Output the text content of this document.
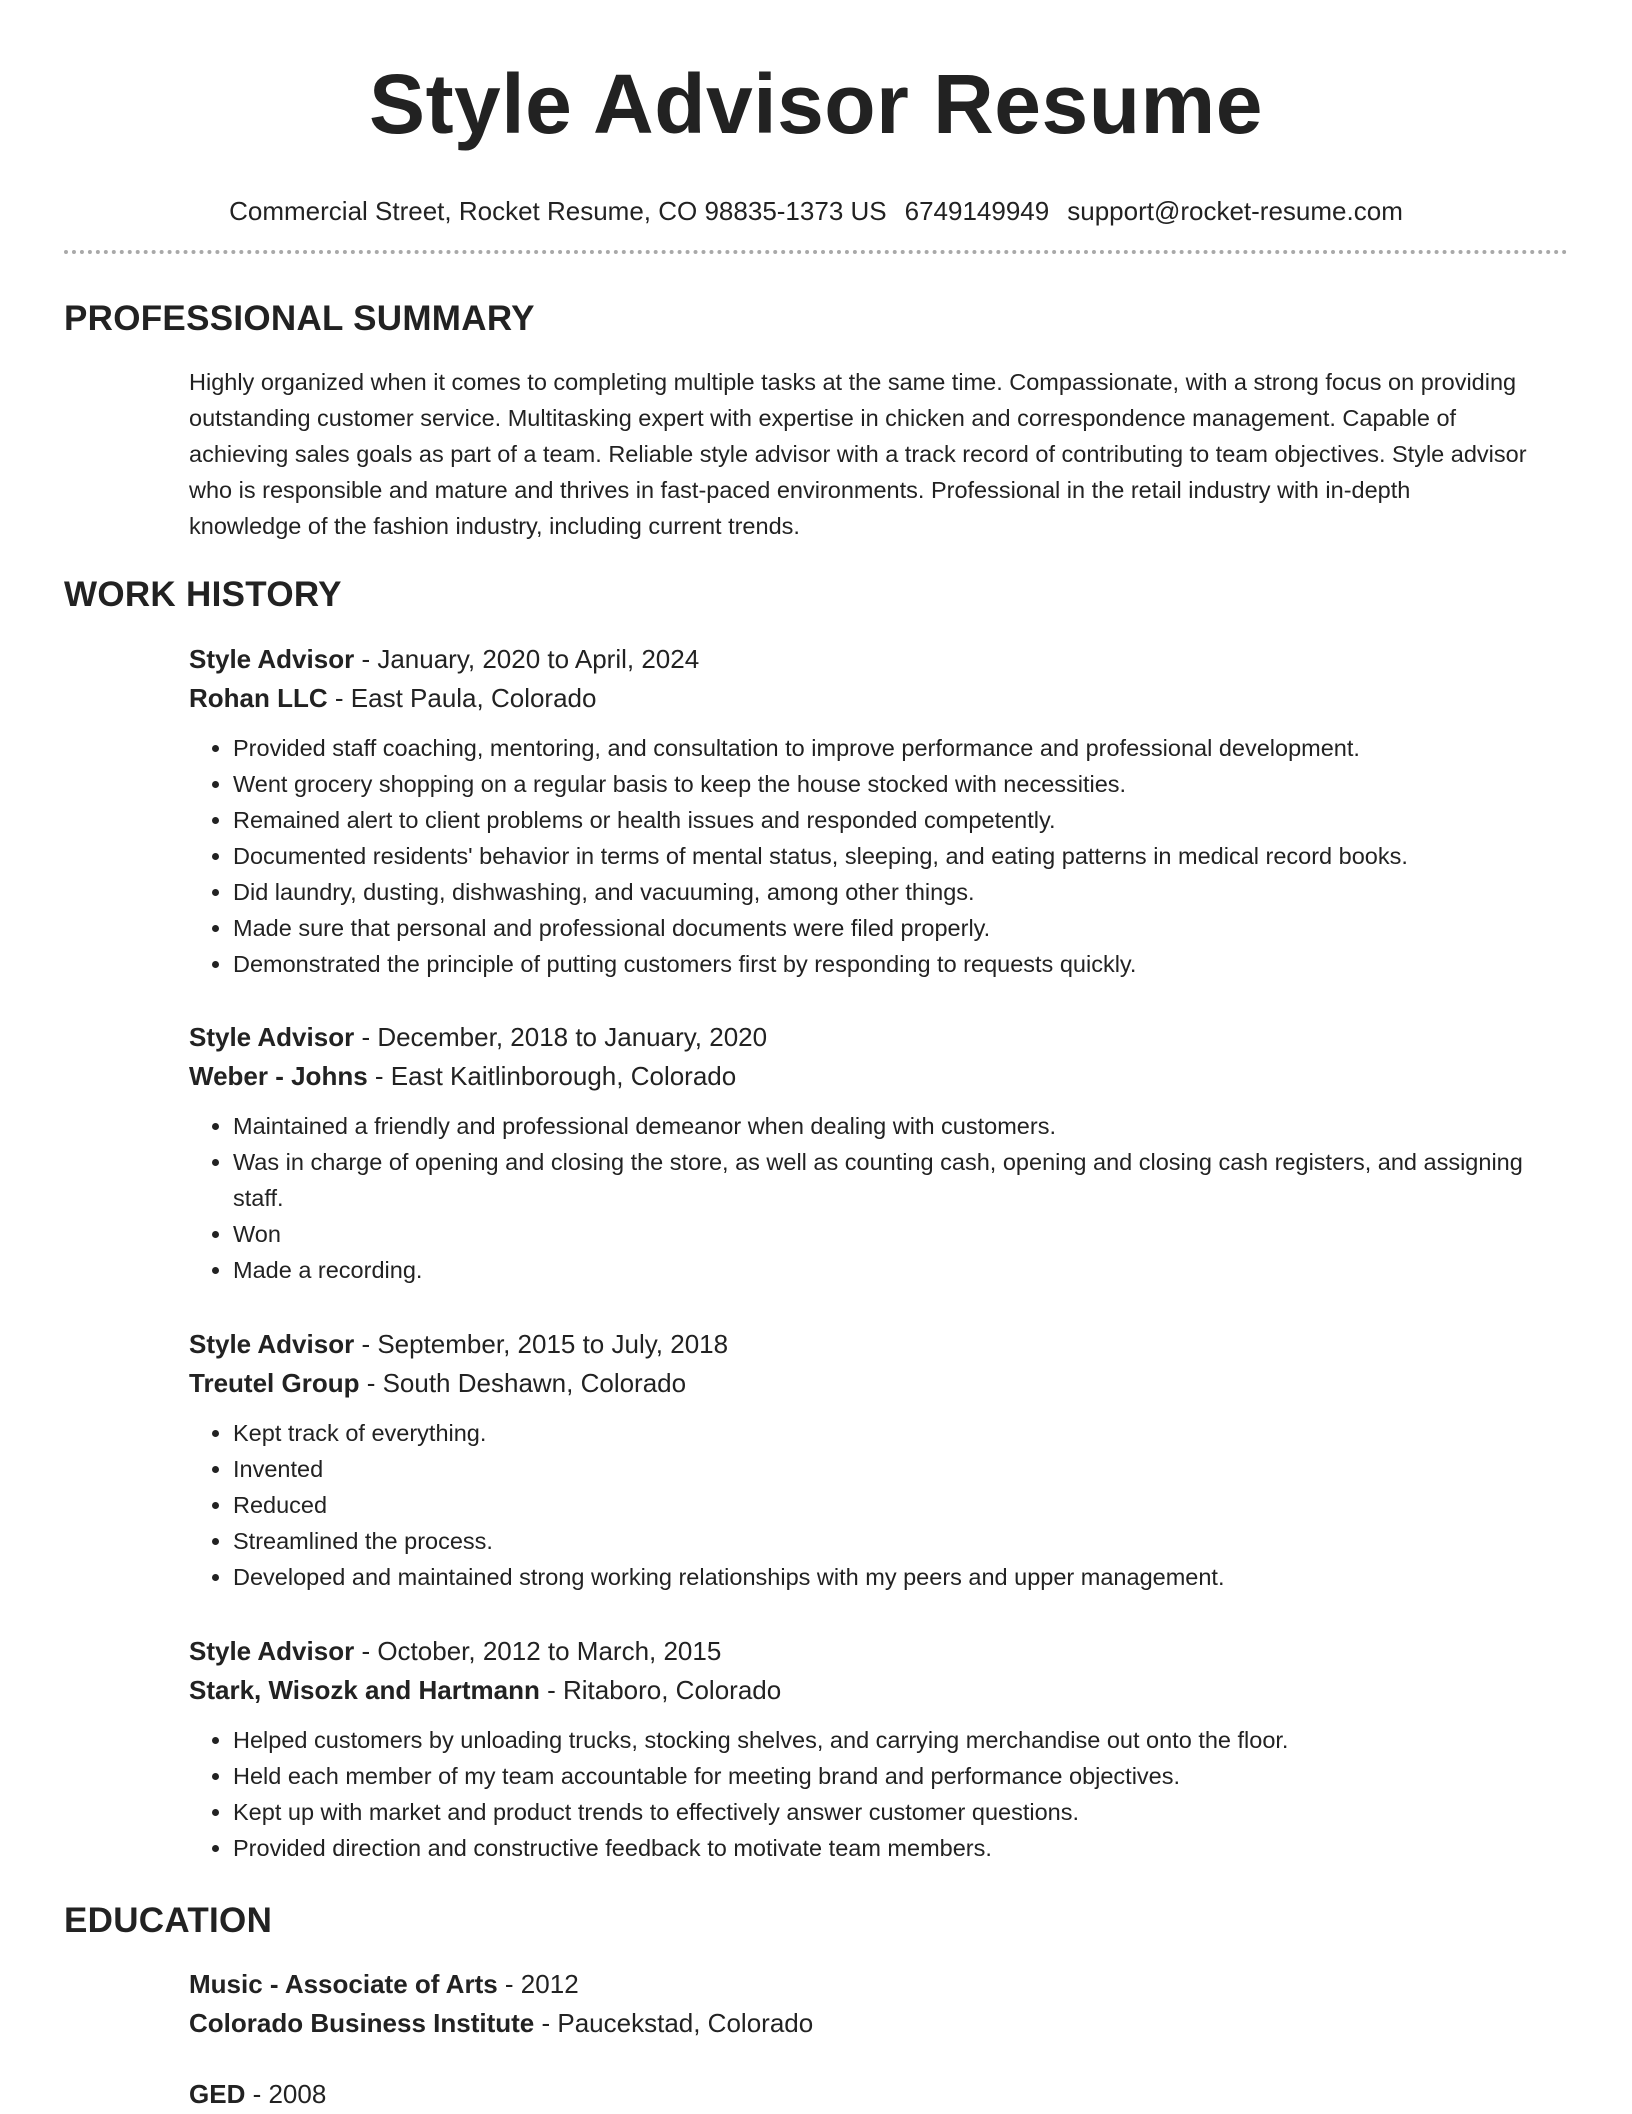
Style Advisor Resume
Commercial Street, Rocket Resume, CO 98835-1373 US 6749149949 support@rocket-resume.com
PROFESSIONAL SUMMARY

Highly organized when it comes to completing multiple tasks at the same time. Compassionate, with a strong focus on providing outstanding customer service. Multitasking expert with expertise in chicken and correspondence management. Capable of achieving sales goals as part of a team. Reliable style advisor with a track record of contributing to team objectives. Style advisor who is responsible and mature and thrives in fast-paced environments. Professional in the retail industry with in-depth knowledge of the fashion industry, including current trends.

WORK HISTORY
Style Advisor - January, 2020 to April, 2024
Rohan LLC - East Paula, Colorado
• Provided staff coaching, mentoring, and consultation to improve performance and professional development.
• Went grocery shopping on a regular basis to keep the house stocked with necessities.
• Remained alert to client problems or health issues and responded competently.
• Documented residents' behavior in terms of mental status, sleeping, and eating patterns in medical record books.
• Did laundry, dusting, dishwashing, and vacuuming, among other things.
• Made sure that personal and professional documents were filed properly.
• Demonstrated the principle of putting customers first by responding to requests quickly.
Style Advisor - December, 2018 to January, 2020
Weber - Johns - East Kaitlinborough, Colorado
• Maintained a friendly and professional demeanor when dealing with customers.
• Was in charge of opening and closing the store, as well as counting cash, opening and closing cash registers, and assigning staff.
• Won
• Made a recording.
Style Advisor - September, 2015 to July, 2018
Treutel Group - South Deshawn, Colorado
• Kept track of everything.
• Invented
• Reduced
• Streamlined the process.
• Developed and maintained strong working relationships with my peers and upper management.
Style Advisor - October, 2012 to March, 2015
Stark, Wisozk and Hartmann - Ritaboro, Colorado
• Helped customers by unloading trucks, stocking shelves, and carrying merchandise out onto the floor.
• Held each member of my team accountable for meeting brand and performance objectives.
• Kept up with market and product trends to effectively answer customer questions.
• Provided direction and constructive feedback to motivate team members.
EDUCATION
Music - Associate of Arts - 2012
Colorado Business Institute - Paucekstad, Colorado
GED - 2008
